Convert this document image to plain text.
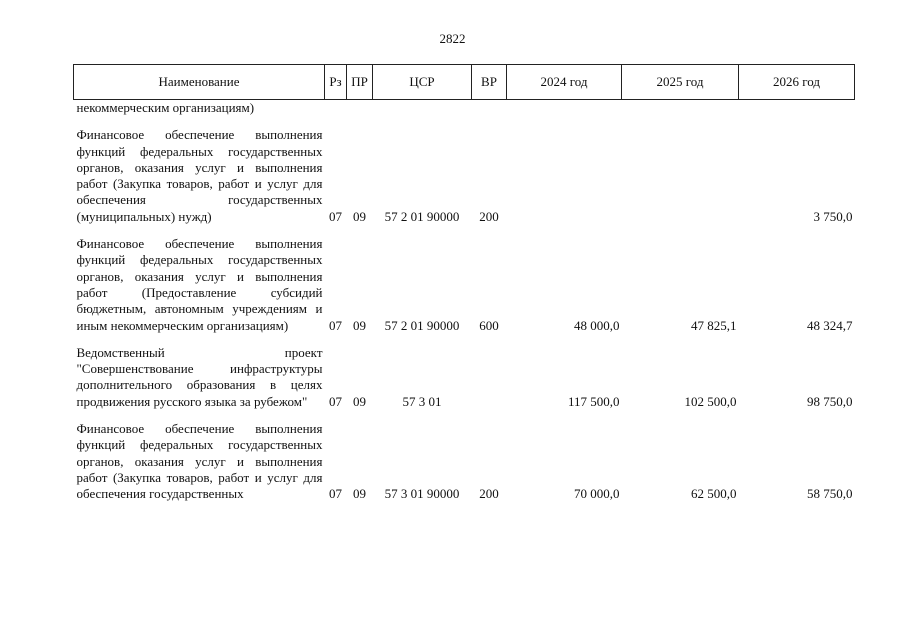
2822
Наименование	Рз	ПР	ЦСР	ВР	2024 год	2025 год	2026 год
некоммерческим организациям)							

Финансовое обеспечение выполнения функций федеральных государственных органов, оказания услуг и выполнения работ (Закупка товаров, работ и услуг для обеспечения государственных (муниципальных) нужд)	07	09	57 2 01 90000	200			3 750,0

Финансовое обеспечение выполнения функций федеральных государственных органов, оказания услуг и выполнения работ (Предоставление субсидий бюджетным, автономным учреждениям и иным некоммерческим организациям)	07	09	57 2 01 90000	600	48 000,0	47 825,1	48 324,7

Ведомственный проект "Совершенствование инфраструктуры дополнительного образования в целях продвижения русского языка за рубежом"	07	09	57 3 01		117 500,0	102 500,0	98 750,0

Финансовое обеспечение выполнения функций федеральных государственных органов, оказания услуг и выполнения работ (Закупка товаров, работ и услуг для обеспечения государственных	07	09	57 3 01 90000	200	70 000,0	62 500,0	58 750,0
